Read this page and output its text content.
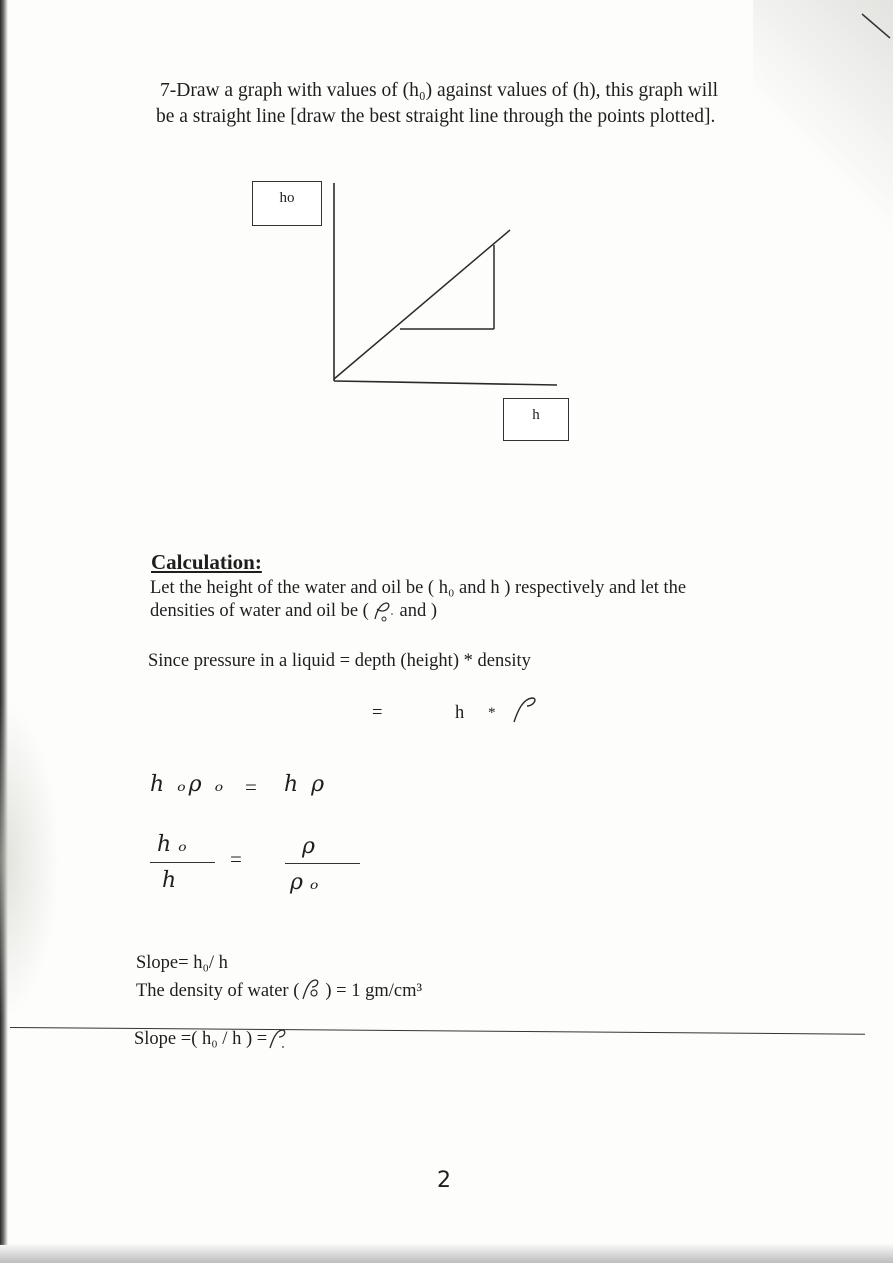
7-Draw a graph with values of (h₀) against values of (h), this graph will
be a straight line [draw the best straight line through the points plotted].
ho
h
Calculation:
Let the height of the water and oil be ( h₀ and h ) respectively and let the
densities of water and oil be ( and )
Since pressure in a liquid = depth (height) * density
=	h *
h ₒρ ₒ = h ρ
h ₒ
h
=	ρ
ρ ₒ
Slope= h₀/ h
The density of water ( ) = 1 gm/cm³
Slope =( h₀ / h ) =
2
